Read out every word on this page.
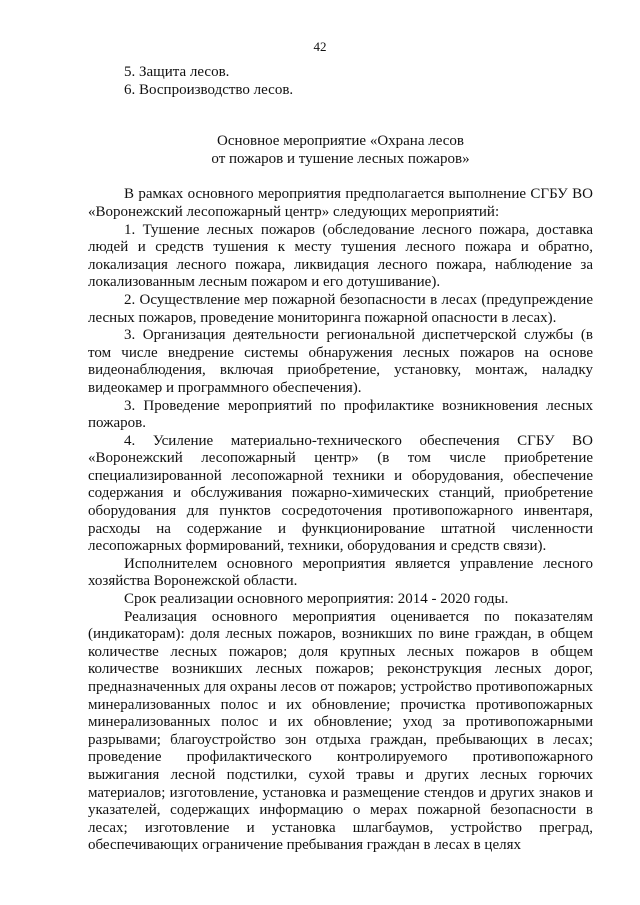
42

5. Защита лесов.

6. Воспроизводство лесов.

Основное мероприятие «Охрана лесов

от пожаров и тушение лесных пожаров»

В рамках основного мероприятия предполагается выполнение СГБУ ВО «Воронежский лесопожарный центр» следующих мероприятий:

1. Тушение лесных пожаров (обследование лесного пожара, доставка людей и средств тушения к месту тушения лесного пожара и обратно, локализация лесного пожара, ликвидация лесного пожара, наблюдение за локализованным лесным пожаром и его дотушивание).

2. Осуществление мер пожарной безопасности в лесах (предупреждение лесных пожаров, проведение мониторинга пожарной опасности в лесах).

3. Организация деятельности региональной диспетчерской службы (в том числе внедрение системы обнаружения лесных пожаров на основе видеонаблюдения, включая приобретение, установку, монтаж, наладку видеокамер и программного обеспечения).

3. Проведение мероприятий по профилактике возникновения лесных пожаров.

4. Усиление материально-технического обеспечения СГБУ ВО «Воронежский лесопожарный центр» (в том числе приобретение специализированной лесопожарной техники и оборудования, обеспечение содержания и обслуживания пожарно-химических станций, приобретение оборудования для пунктов сосредоточения противопожарного инвентаря, расходы на содержание и функционирование штатной численности лесопожарных формирований, техники, оборудования и средств связи).

Исполнителем основного мероприятия является управление лесного хозяйства Воронежской области.

Срок реализации основного мероприятия: 2014 - 2020 годы.

Реализация основного мероприятия оценивается по показателям (индикаторам): доля лесных пожаров, возникших по вине граждан, в общем количестве лесных пожаров; доля крупных лесных пожаров в общем количестве возникших лесных пожаров; реконструкция лесных дорог, предназначенных для охраны лесов от пожаров; устройство противопожарных минерализованных полос и их обновление; прочистка противопожарных минерализованных полос и их обновление; уход за противопожарными разрывами; благоустройство зон отдыха граждан, пребывающих в лесах; проведение профилактического контролируемого противопожарного выжигания лесной подстилки, сухой травы и других лесных горючих материалов; изготовление, установка и размещение стендов и других знаков и указателей, содержащих информацию о мерах пожарной безопасности в лесах; изготовление и установка шлагбаумов, устройство преград, обеспечивающих ограничение пребывания граждан в лесах в целях
